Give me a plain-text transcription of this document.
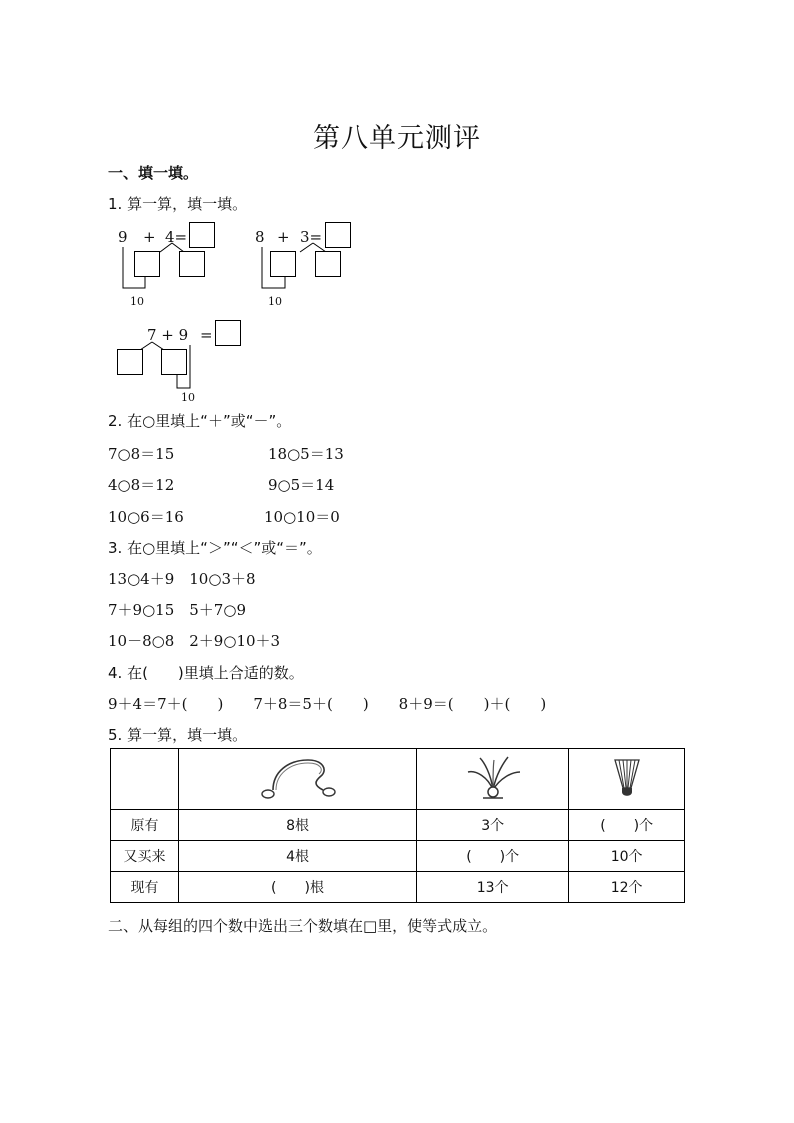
第八单元测评
一、填一填。
1. 算一算，填一填。
9 + 4=
10
8 + 3=
10
7 + 9 =
10
2. 在○里填上“＋”或“－”。
7○8＝15	18○5＝13
4○8＝12	9○5＝14
10○6＝16	10○10＝0
3. 在○里填上“＞”“＜”或“＝”。
13○4＋9　10○3＋8
7＋9○15　5＋7○9
10－8○8　2＋9○10＋3
4. 在(　　)里填上合适的数。
9＋4＝7＋(　　)　　7＋8＝5＋(　　)　　8＋9＝(　　)＋(　　)
5. 算一算，填一填。

原有	8根	3个	(　　)个
又买来	4根	(　　)个	10个
现有	(　　)根	13个	12个
二、从每组的四个数中选出三个数填在□里，使等式成立。
